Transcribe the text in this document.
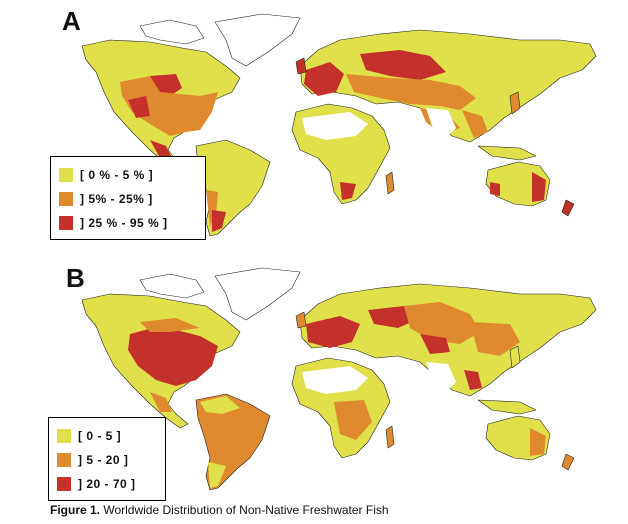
A
[ 0 % - 5 % ]
] 5% - 25% ]
] 25 % - 95 % ]
B
[ 0 - 5 ]
] 5 - 20 ]
] 20 - 70 ]
Figure 1. Worldwide Distribution of Non-Native Freshwater Fish
